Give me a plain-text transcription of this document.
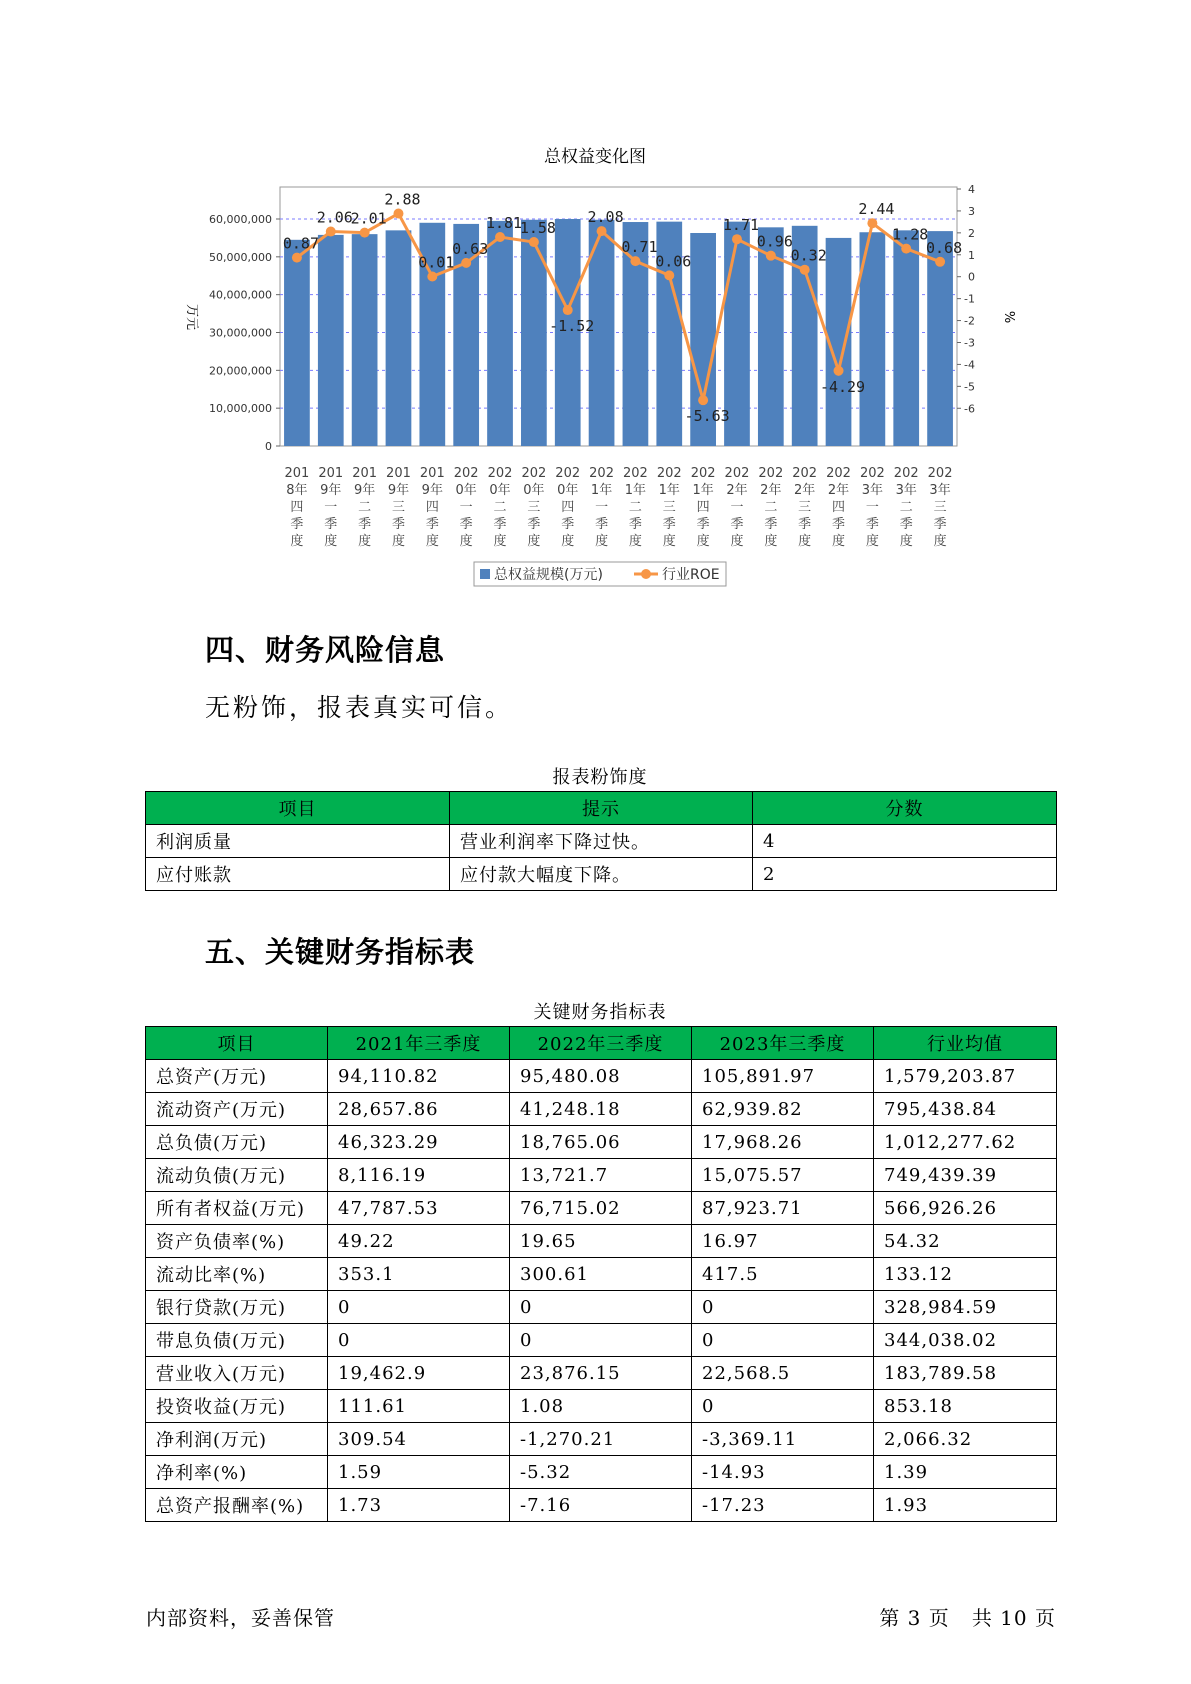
总权益变化图
60,000,000
50,000,000
40,000,000
30,000,000
20,000,000
10,000,000
0
4
3
2
1
0
-1
-2
-3
-4
-5
-6
万元	%
0.87
2.06
2.01
2.88
0.01
0.63
1.81
1.58
-1.52
2.08
0.71
0.06
-5.63
1.71
0.96
0.32
-4.29
2.44
1.28
0.68
201
8年
四
季
度
201
9年
一
季
度
201
9年
二
季
度
201
9年
三
季
度
201
9年
四
季
度
202
0年
一
季
度
202
0年
二
季
度
202
0年
三
季
度
202
0年
四
季
度
202
1年
一
季
度
202
1年
二
季
度
202
1年
三
季
度
202
1年
四
季
度
202
2年
一
季
度
202
2年
二
季
度
202
2年
三
季
度
202
2年
四
季
度
202
3年
一
季
度
202
3年
二
季
度
202
3年
三
季
度
总权益规模(万元)	行业ROE
四、财务风险信息
无粉饰，报表真实可信。
报表粉饰度
项目	提示	分数
利润质量	营业利润率下降过快。	4
应付账款	应付款大幅度下降。	2
五、关键财务指标表
关键财务指标表
项目	2021年三季度	2022年三季度	2023年三季度	行业均值
总资产(万元)	94,110.82	95,480.08	105,891.97	1,579,203.87
流动资产(万元)	28,657.86	41,248.18	62,939.82	795,438.84
总负债(万元)	46,323.29	18,765.06	17,968.26	1,012,277.62
流动负债(万元)	8,116.19	13,721.7	15,075.57	749,439.39
所有者权益(万元)	47,787.53	76,715.02	87,923.71	566,926.26
资产负债率(%)	49.22	19.65	16.97	54.32
流动比率(%)	353.1	300.61	417.5	133.12
银行贷款(万元)	0	0	0	328,984.59
带息负债(万元)	0	0	0	344,038.02
营业收入(万元)	19,462.9	23,876.15	22,568.5	183,789.58
投资收益(万元)	111.61	1.08	0	853.18
净利润(万元)	309.54	-1,270.21	-3,369.11	2,066.32
净利率(%)	1.59	-5.32	-14.93	1.39
总资产报酬率(%)	1.73	-7.16	-17.23	1.93
内部资料，妥善保管	第 3 页   共 10 页
